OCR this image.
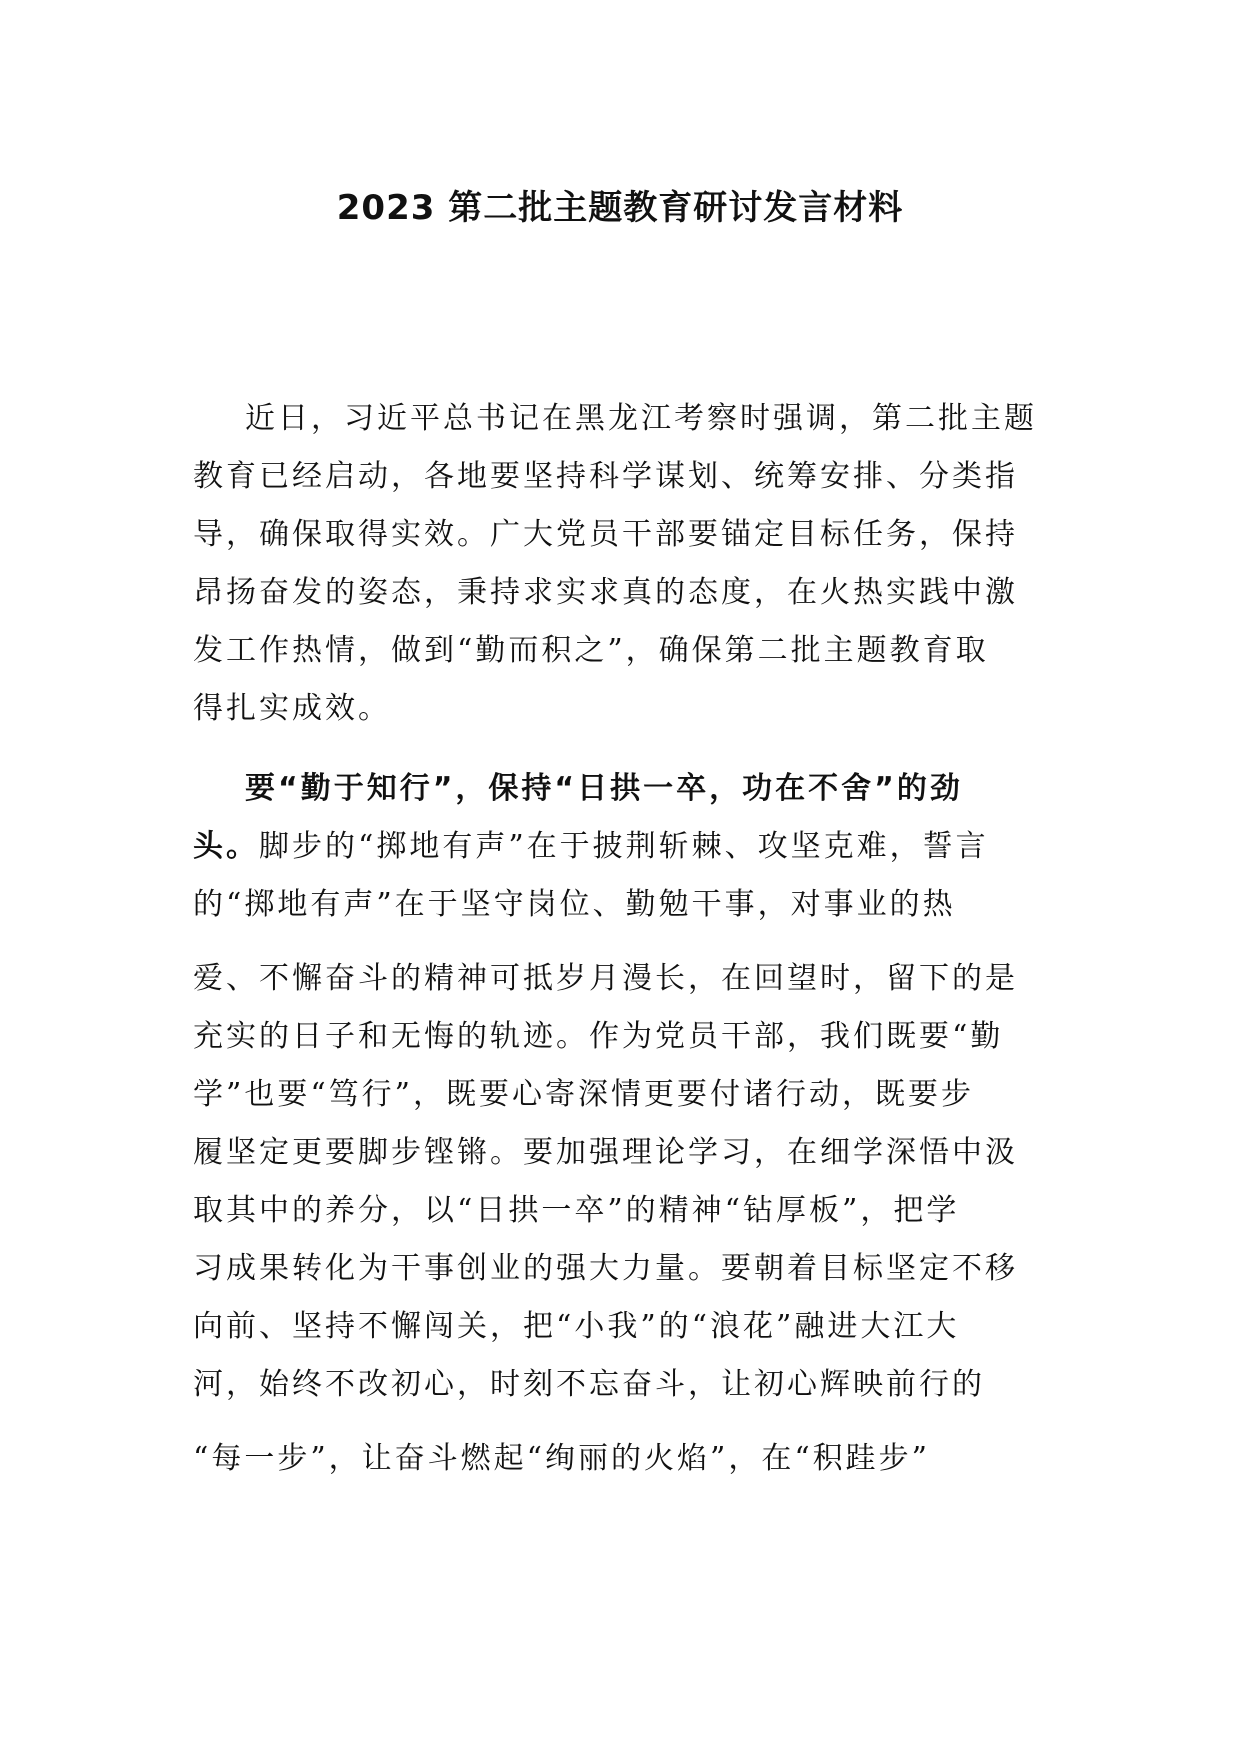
2023 第二批主题教育研讨发言材料
近日，习近平总书记在黑龙江考察时强调，第二批主题
教育已经启动，各地要坚持科学谋划、统筹安排、分类指
导，确保取得实效。广大党员干部要锚定目标任务，保持
昂扬奋发的姿态，秉持求实求真的态度，在火热实践中激
发工作热情，做到“勤而积之”，确保第二批主题教育取
得扎实成效。
要“勤于知行”，保持“日拱一卒，功在不舍”的劲
头。脚步的“掷地有声”在于披荆斩棘、攻坚克难，誓言
的“掷地有声”在于坚守岗位、勤勉干事，对事业的热
爱、不懈奋斗的精神可抵岁月漫长，在回望时，留下的是
充实的日子和无悔的轨迹。作为党员干部，我们既要“勤
学”也要“笃行”，既要心寄深情更要付诸行动，既要步
履坚定更要脚步铿锵。要加强理论学习，在细学深悟中汲
取其中的养分，以“日拱一卒”的精神“钻厚板”，把学
习成果转化为干事创业的强大力量。要朝着目标坚定不移
向前、坚持不懈闯关，把“小我”的“浪花”融进大江大
河，始终不改初心，时刻不忘奋斗，让初心辉映前行的
“每一步”，让奋斗燃起“绚丽的火焰”，在“积跬步”
